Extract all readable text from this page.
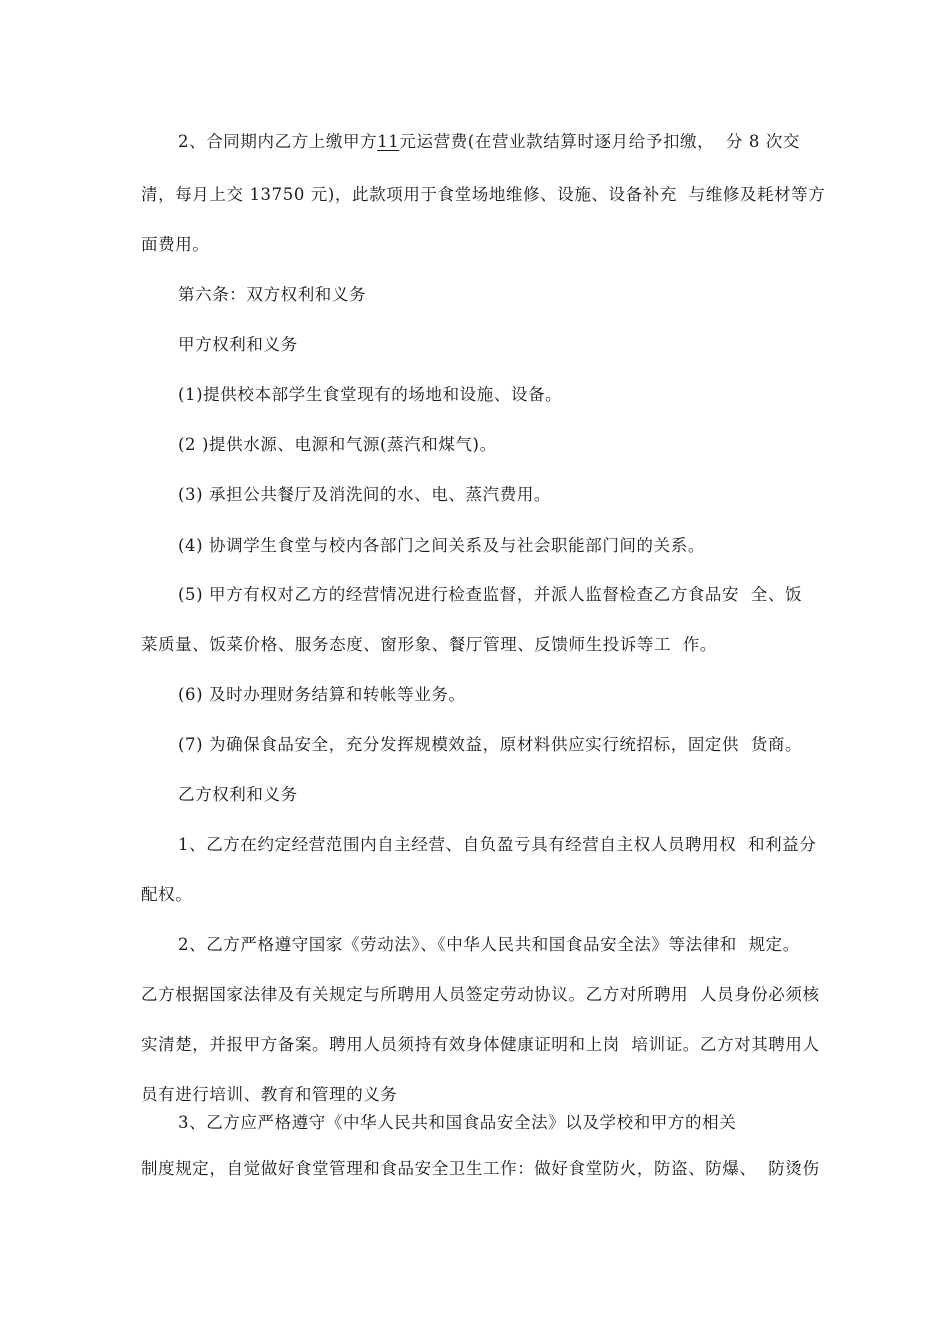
2、合同期内乙方上缴甲方11元运营费(在营业款结算时逐月给予扣缴，  分 8 次交
清，每月上交 13750 元)，此款项用于食堂场地维修、设施、设备补充  与维修及耗材等方
面费用。
第六条：双方权利和义务
甲方权利和义务
(1)提供校本部学生食堂现有的场地和设施、设备。
(2 )提供水源、电源和气源(蒸汽和煤气)。
(3) 承担公共餐厅及消洗间的水、电、蒸汽费用。
(4) 协调学生食堂与校内各部门之间关系及与社会职能部门间的关系。
(5) 甲方有权对乙方的经营情况进行检查监督，并派人监督检查乙方食品安  全、饭
菜质量、饭菜价格、服务态度、窗形象、餐厅管理、反馈师生投诉等工  作。
(6) 及时办理财务结算和转帐等业务。
(7) 为确保食品安全，充分发挥规模效益，原材料供应实行统招标，固定供  货商。
乙方权利和义务
1、乙方在约定经营范围内自主经营、自负盈亏具有经营自主权人员聘用权  和利益分
配权。
2、乙方严格遵守国家《劳动法》、《中华人民共和国食品安全法》等法律和  规定。
乙方根据国家法律及有关规定与所聘用人员签定劳动协议。乙方对所聘用  人员身份必须核
实清楚，并报甲方备案。聘用人员须持有效身体健康证明和上岗  培训证。乙方对其聘用人
员有进行培训、教育和管理的义务
3、乙方应严格遵守《中华人民共和国食品安全法》以及学校和甲方的相关
制度规定，自觉做好食堂管理和食品安全卫生工作：做好食堂防火，防盗、防爆、  防烫伤
